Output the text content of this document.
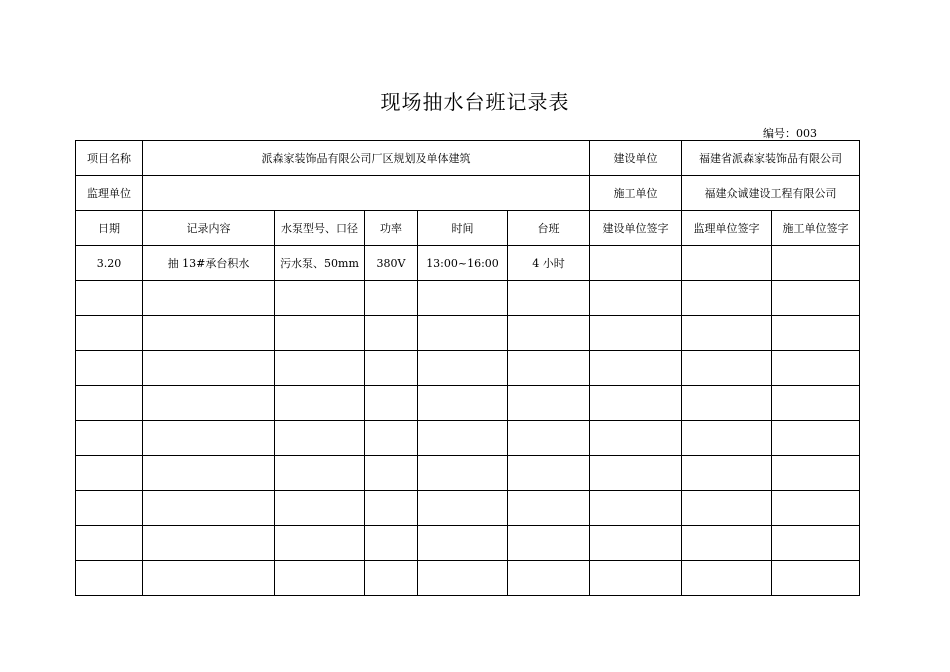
现场抽水台班记录表
编号：003
项目名称	派森家装饰品有限公司厂区规划及单体建筑					建设单位	福建省派森家装饰品有限公司	
监理单位						施工单位	福建众诚建设工程有限公司	
日期	记录内容	水泵型号、口径	功率	时间	台班	建设单位签字	监理单位签字	施工单位签字
3.20	抽 13#承台积水	污水泵、50mm	380V	13:00~16:00	4 小时			
